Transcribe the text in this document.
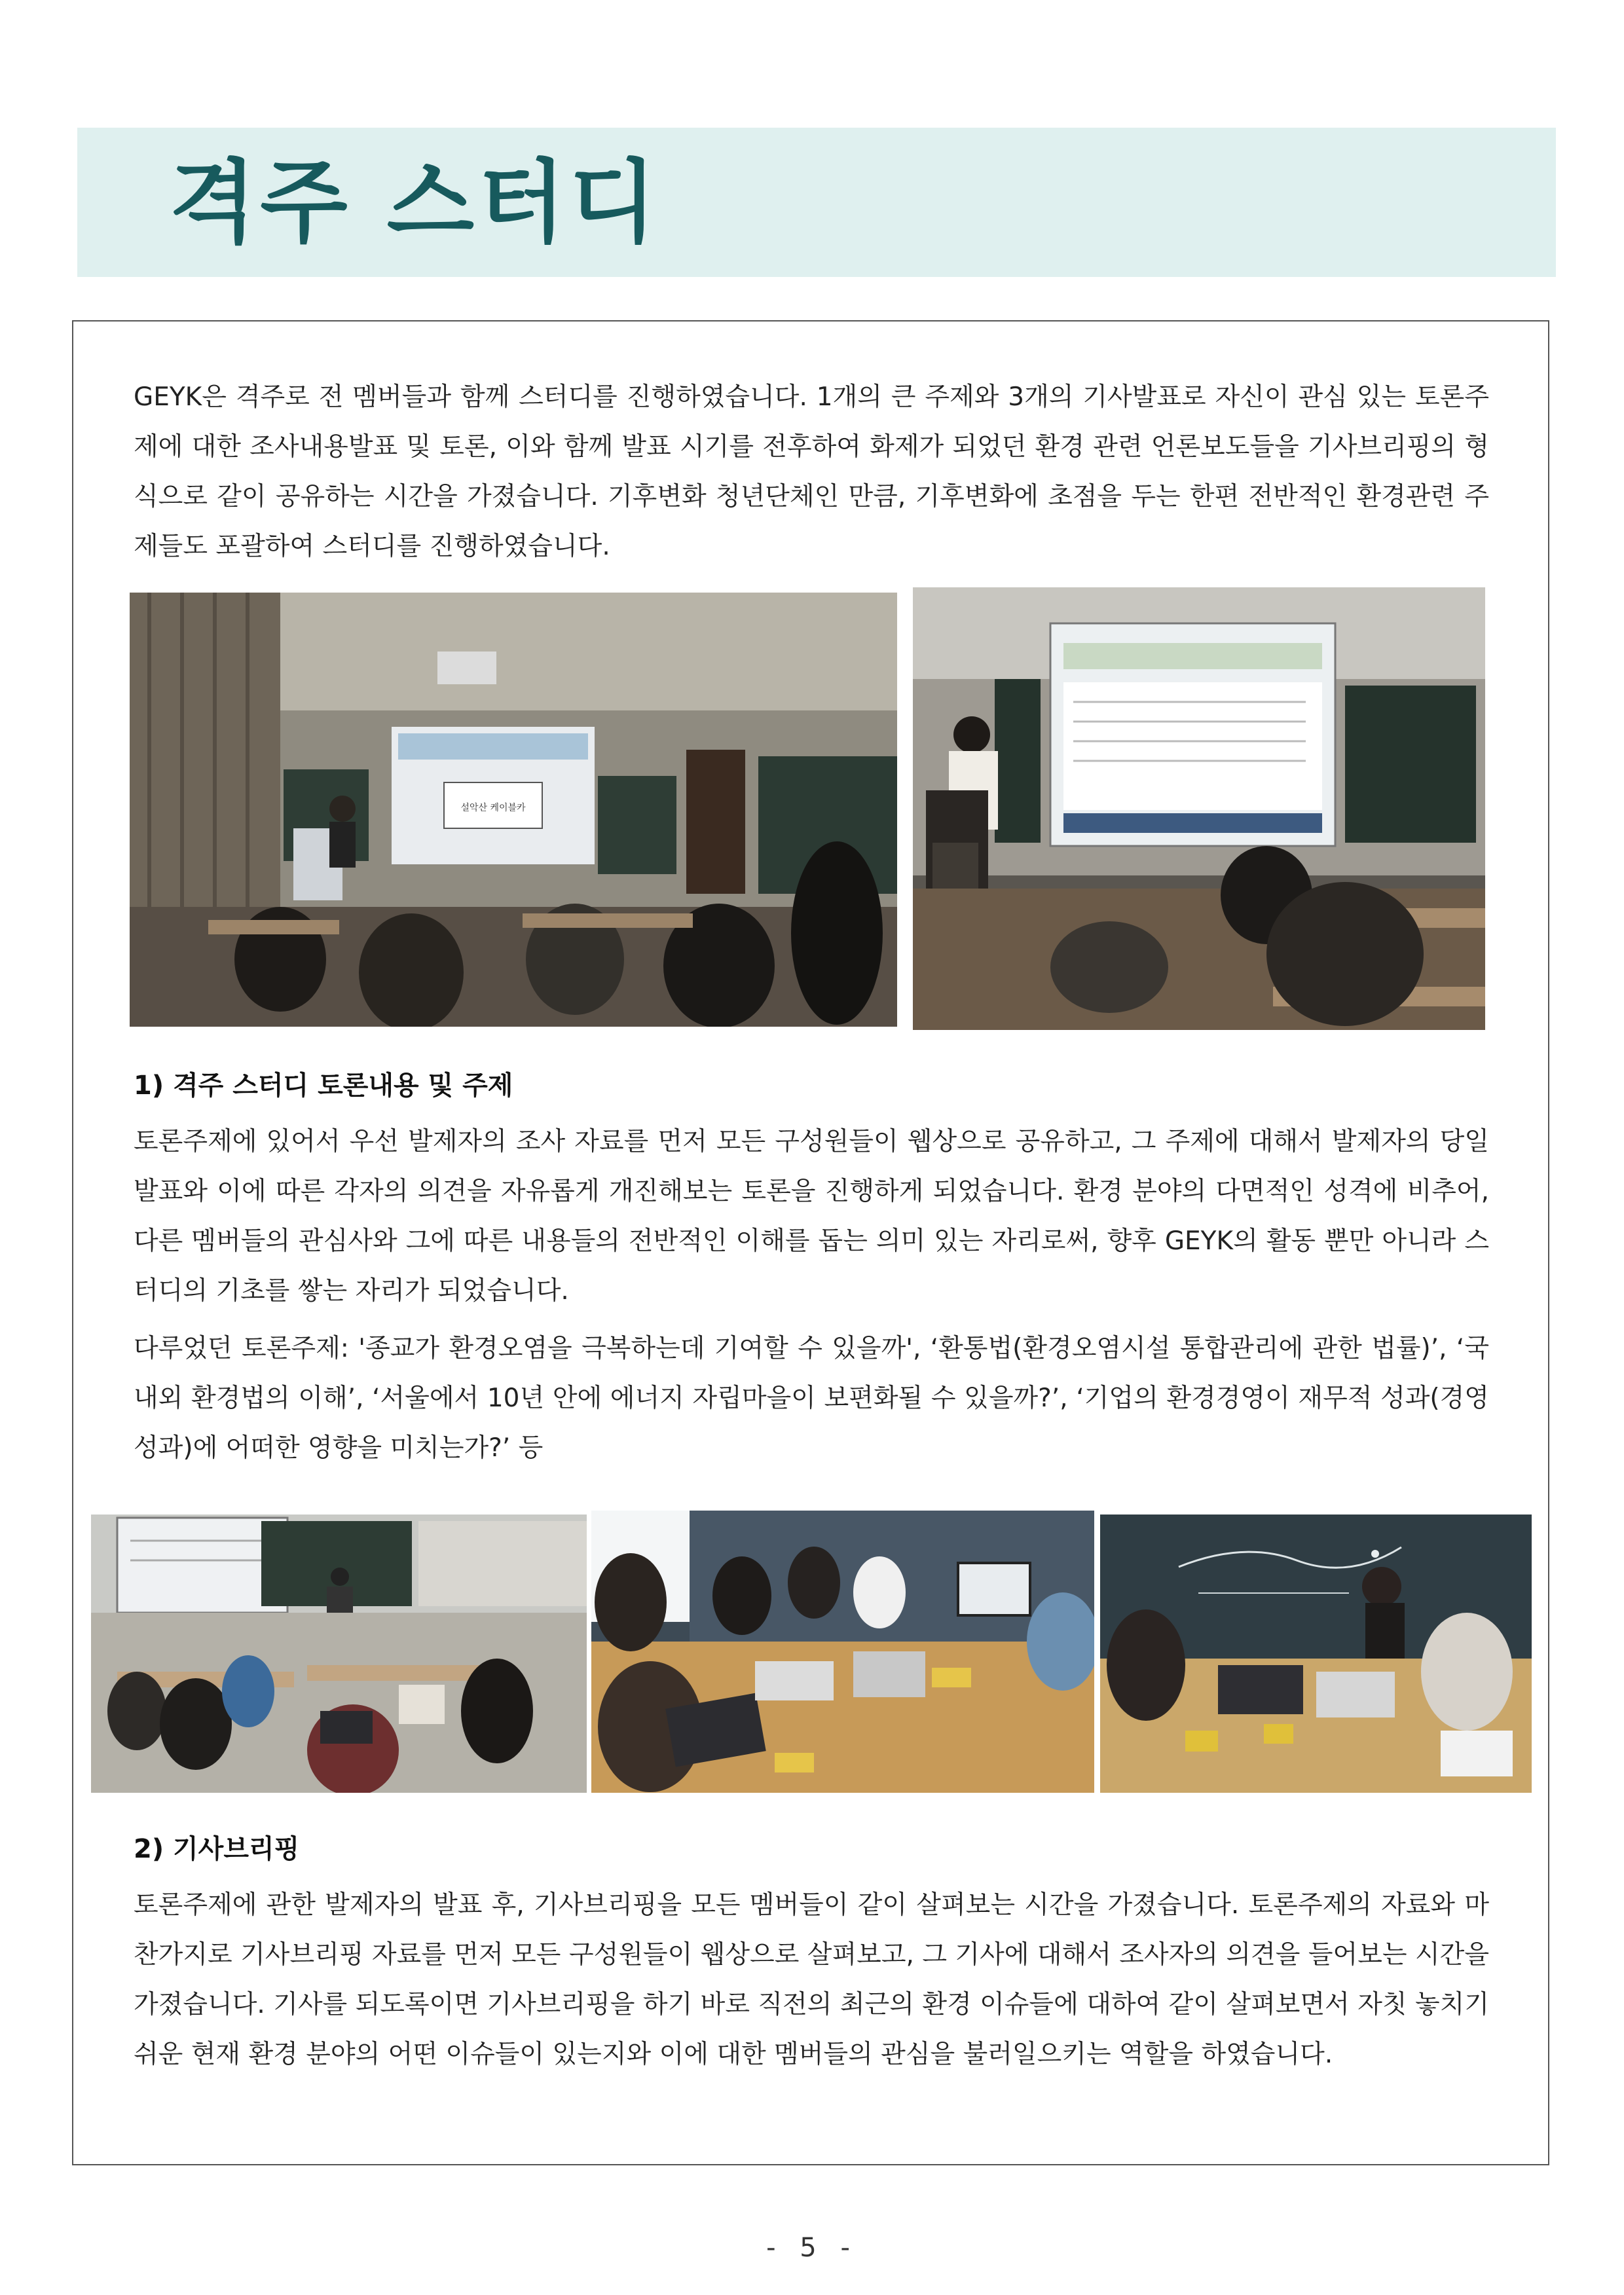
격주 스터디

GEYK은 격주로 전 멤버들과 함께 스터디를 진행하였습니다. 1개의 큰 주제와 3개의 기사발표로 자신이 관심 있는 토론주제에 대한 조사내용발표 및 토론, 이와 함께 발표 시기를 전후하여 화제가 되었던 환경 관련 언론보도들을 기사브리핑의 형식으로 같이 공유하는 시간을 가졌습니다. 기후변화 청년단체인 만큼, 기후변화에 초점을 두는 한편 전반적인 환경관련 주제들도 포괄하여 스터디를 진행하였습니다.

설악산 케이블카

1) 격주 스터디 토론내용 및 주제

토론주제에 있어서 우선 발제자의 조사 자료를 먼저 모든 구성원들이 웹상으로 공유하고, 그 주제에 대해서 발제자의 당일 발표와 이에 따른 각자의 의견을 자유롭게 개진해보는 토론을 진행하게 되었습니다. 환경 분야의 다면적인 성격에 비추어, 다른 멤버들의 관심사와 그에 따른 내용들의 전반적인 이해를 돕는 의미 있는 자리로써, 향후 GEYK의 활동 뿐만 아니라 스터디의 기초를 쌓는 자리가 되었습니다.

다루었던 토론주제: '종교가 환경오염을 극복하는데 기여할 수 있을까', ‘환통법(환경오염시설 통합관리에 관한 법률)’, ‘국내외 환경법의 이해’, ‘서울에서 10년 안에 에너지 자립마을이 보편화될 수 있을까?’, ‘기업의 환경경영이 재무적 성과(경영성과)에 어떠한 영향을 미치는가?’ 등

2) 기사브리핑

토론주제에 관한 발제자의 발표 후, 기사브리핑을 모든 멤버들이 같이 살펴보는 시간을 가졌습니다. 토론주제의 자료와 마찬가지로 기사브리핑 자료를 먼저 모든 구성원들이 웹상으로 살펴보고, 그 기사에 대해서 조사자의 의견을 들어보는 시간을 가졌습니다. 기사를 되도록이면 기사브리핑을 하기 바로 직전의 최근의 환경 이슈들에 대하여 같이 살펴보면서 자칫 놓치기 쉬운 현재 환경 분야의 어떤 이슈들이 있는지와 이에 대한 멤버들의 관심을 불러일으키는 역할을 하였습니다.

- 5 -
